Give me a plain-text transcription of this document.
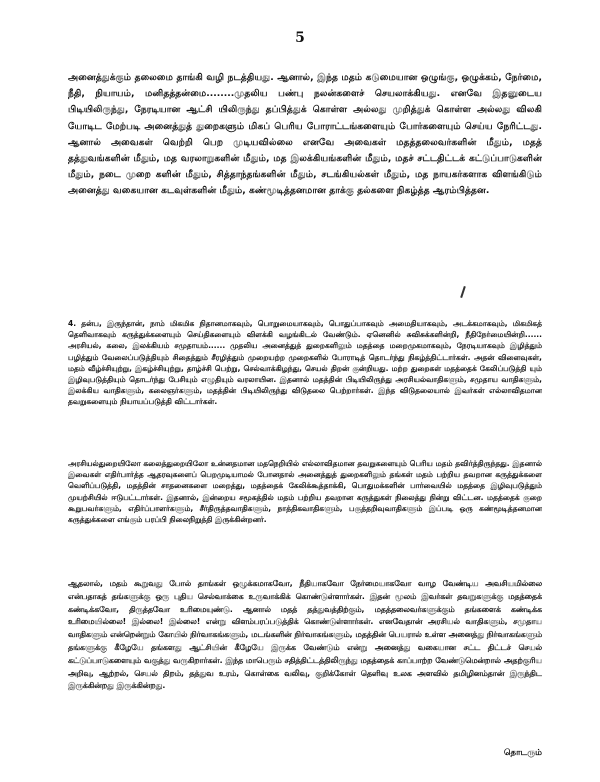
5
அனைத்துக்கும் தலைமை தாங்கி வழி நடத்தியது. ஆனால், இந்த மதம் கடுமையான ஒழுங்கு, ஒழுக்கம், நேர்மை, நீதி, நியாயம், மனிதத்தன்மை........முதலிய பண்பு நலன்களைச் செயலாக்கியது. எனவே இதனுடைய பிடியிலிருந்து, நேரடியான ஆட்சி யிலிருந்து தப்பித்துக் கொள்ள அல்லது முறித்துக் கொள்ள அல்லது விலகி யோடிட மேற்படி அனைத்துத் துறைகளும் மிகப் பெரிய போராட்டங்களையும் போர்களையும் செய்ய நேரிட்டது. ஆனால் அவைகள் வெற்றி பெற முடியவில்லை எனவே அவைகள் மதத்தலைவர்களின் மீதும், மதத் தத்துவங்களின் மீதும், மத வரலாறுகளின் மீதும், மத இலக்கியங்களின் மீதும், மதச் சட்டதிட்டக் கட்டுப்பாடுகளின் மீதும், நடை முறை களின் மீதும், சித்தாந்தங்களின் மீதும், சடங்கியல்கள் மீதும், மத நாயகர்களாக விளங்கிடும் அனைத்து வகையான கடவுள்களின் மீதும், கண்மூடித்தனமான தாக்கு தல்களை நிகழ்த்த ஆரம்பித்தன.
4. தன்ப, இருந்தான், நாம் மிகமிக நிதானமாகவும், பொறுமையாகவும், பொதுப்பாகவும் அமைதியாகவும், அடக்கமாகவும், மிகமிகத் தெளிவாகவும் கருத்துக்களையும் செய்திகளையும் விளக்கி வழங்கிடல் வேண்டும். ஏனெனில் சுவிசுக்களின்றி, நீதிநேர்மையின்றி...... அரசியல், கலை, இலக்கியம் சமுதாயம்...... முதலிய அனைத்துத் துறைகளிலும் மதத்தை மறைமுகமாகவும், நேரடியாகவும் இழித்தும் பழித்தும் வேலைப்படுத்தியும் சிதைத்தும் சீரழித்தும் முறையற்ற முறைகளில் போராடித் தொடர்ந்து நிகழ்த்திட்டார்கள். அதன் விளைவுகள், மதம் வீழ்ச்சியுற்று, இகழ்ச்சியுற்று, தாழ்ச்சி பெற்று, செல்வாக்கிழந்து, செயல் திறன் குன்றியது. மற்ற துறைகள் மதத்தைக் கேலிப்படுத்தி யும் இழிவுபடுத்தியும் தொடர்ந்து பேசியும் எழுதியும் வரலாயின. இதனால் மதத்தின் பிடியிலிருந்து அரசியல்வாதிகளும், சமுதாய வாதிகளும், இலக்கிய வாதிகளும், கலைஞர்களும், மதத்தின் பிடியிலிருந்து விடுதலை பெற்றார்கள். இந்த விடுதலையால் இவர்கள் எல்லாவிதமான தவறுகளையும் நியாயப்படுத்தி விட்டார்கள்.
அரசியல்துறையிலோ கலைத்துறையிலோ உன்னதமான மதநெறியில் எல்லாவிதமான தவறுகளையும் பெரிய மதம் தவிர்த்திருந்தது. இதனால் இவைகள் எதிர்பார்த்த ஆதரவுகளைப் பெறமுடியாமல் போனதால் அனைத்துத் துறைகளிலும் தங்கள் மதம் பற்றிய தவறான கருத்துக்களை வெளிப்படுத்தி, மதத்தின் சாதனைகளை மறைத்து, மதத்தைக் கேலிக்கூத்தாக்கி, பொதுமக்களின் பார்வையில் மதத்தை இழிவுபடுத்தும் முயற்சியில் ஈடுபட்டார்கள். இதனால், இன்றைய சமூகத்தில் மதம் பற்றிய தவறான கருத்துகள் நிலைத்து நின்று விட்டன. மதத்தைக் குறை கூறுபவர்களும், எதிர்ப்பாளர்களும், சீர்திருத்தவாதிகளும், நாத்திகவாதிகளும், பகுத்தறிவுவாதிகளும் இப்படி ஒரு கண்மூடித்தனமான கருத்துக்களை எங்கும் பரப்பி நிலைநிறுத்தி இருக்கின்றனர்.
ஆதலால், மதம் கூறுவது போல் தாங்கள் ஒழுக்கமாகவோ, நீதியாகவோ நேர்மையாகவோ வாழ வேண்டிய அவசியமில்லை என்பதாகத் தங்களுக்கு ஒரு புதிய செல்வாக்கை உருவாக்கிக் கொண்டுள்ளார்கள். இதன் மூலம் இவர்கள் தவறுகளுக்கு மதத்தைக் கண்டிக்கவோ, திருத்தவோ உரிமையுண்டு. ஆனால் மதத் தத்துவத்திற்கும், மதத்தலைவர்களுக்கும் தங்களைக் கண்டிக்க உரிமையில்லை! இல்லை! இல்லை! என்று விளம்பரப்படுத்திக் கொண்டுள்ளார்கள். எனவேதான் அரசியல் வாதிகளும், சமுதாய வாதிகளும் என்றென்றும் கோயில் நிர்வாகங்களும், மடங்களின் நிர்வாகங்களும், மதத்தின் பெயரால் உள்ள அனைத்து நிர்வாகங்களும் தங்களுக்கு கீழேயே தங்களது ஆட்சியின் கீழேயே இருக்க வேண்டும் என்று அனைத்து வகையான சட்ட திட்டச் செயல் கட்டுப்பாடுகளையும் வகுத்து வருகிறார்கள். இந்த மாபெரும் சதித்திட்டத்திலிருந்து மதத்தைக் காப்பாற்ற வேண்டுமென்றால் அதற்குரிய அறிவு, ஆற்றல், செயல் திறம், தத்துவ உரம், கொள்கை வலிவு, குறிக்கோள் தெளிவு உலக அளவில் தமிழினம்தான் இருந்திட இருக்கின்றது இருக்கின்றது.
தொடரும்
